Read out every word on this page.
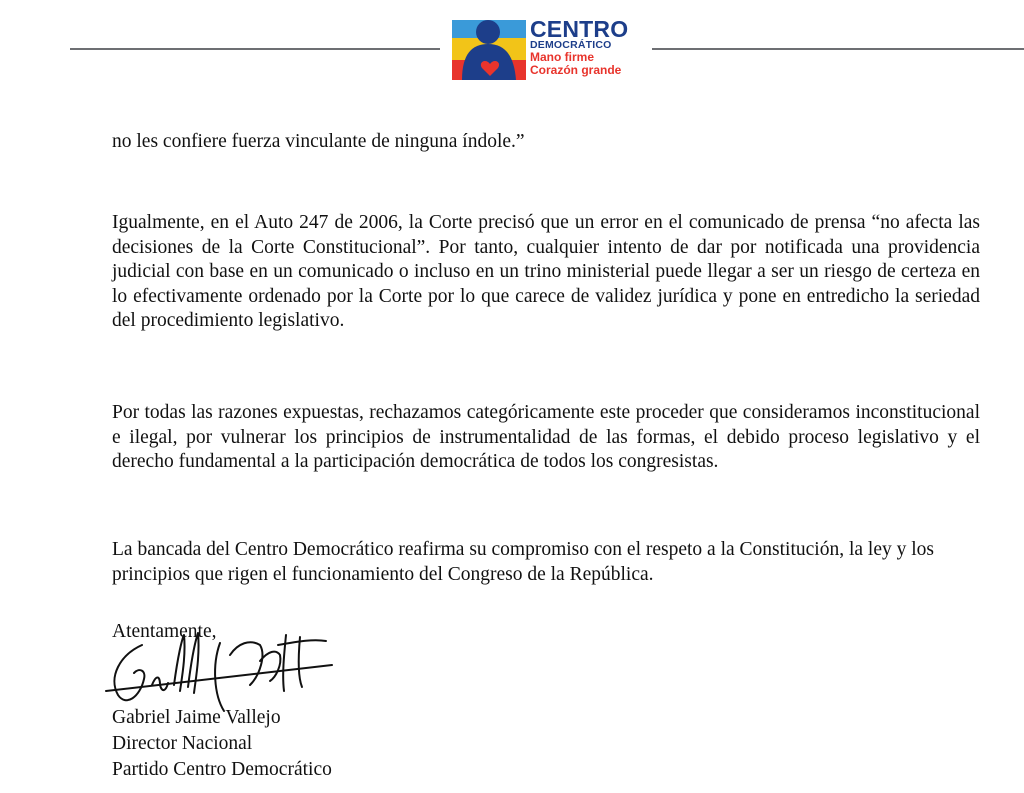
CENTRO
DEMOCRÁTICO
Mano firme
Corazón grande

no les confiere fuerza vinculante de ninguna índole.”

Igualmente, en el Auto 247 de 2006, la Corte precisó que un error en el comunicado de prensa “no afecta las decisiones de la Corte Constitucional”. Por tanto, cualquier intento de dar por notificada una providencia judicial con base en un comunicado o incluso en un trino ministerial puede llegar a ser un riesgo de certeza en lo efectivamente ordenado por la Corte por lo que carece de validez jurídica y pone en entredicho la seriedad del procedimiento legislativo.

Por todas las razones expuestas, rechazamos categóricamente este proceder que consideramos inconstitucional e ilegal, por vulnerar los principios de instrumentalidad de las formas, el debido proceso legislativo y el derecho fundamental a la participación democrática de todos los congresistas.

La bancada del Centro Democrático reafirma su compromiso con el respeto a la Constitución, la ley y los principios que rigen el funcionamiento del Congreso de la República.

Atentamente,
Gabriel Jaime Vallejo
Director Nacional
Partido Centro Democrático
